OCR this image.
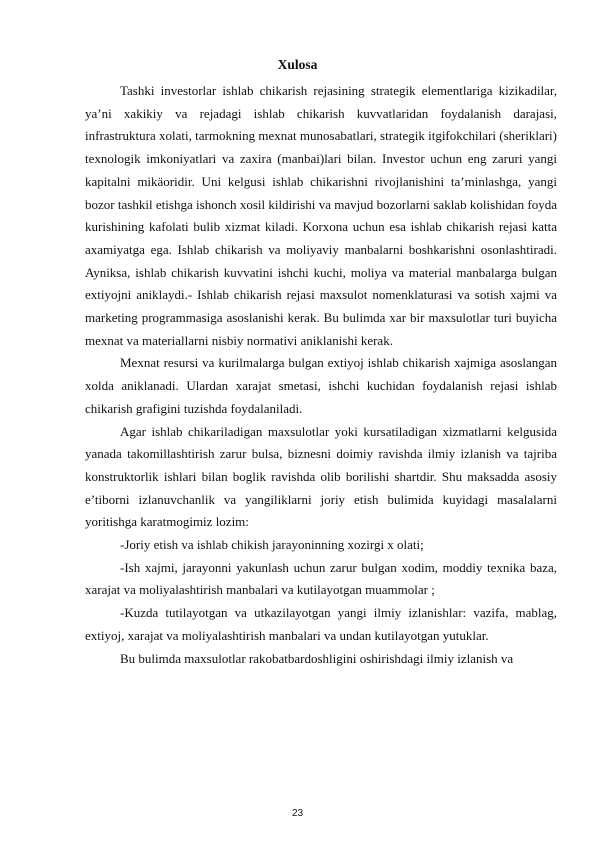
Xulosa

Tashki investorlar ishlab chikarish rejasining strategik elementlariga kizikadilar, ya’ni xakikiy va rejadagi ishlab chikarish kuvvatlaridan foydalanish darajasi, infrastruktura xolati, tarmokning mexnat munosabatlari, strategik itgifokchilari (sheriklari) texnologik imkoniyatlari va zaxira (manbai)lari bilan. Investor uchun eng zaruri yangi kapitalni mikäoridir. Uni kelgusi ishlab chikarishni rivojlanishini ta’minlashga, yangi bozor tashkil etishga ishonch xosil kildirishi va mavjud bozorlarni saklab kolishidan foyda kurishining kafolati bulib xizmat kiladi. Korxona uchun esa ishlab chikarish rejasi katta axamiyatga ega. Ishlab chikarish va moliyaviy manbalarni boshkarishni osonlashtiradi. Ayniksa, ishlab chikarish kuvvatini ishchi kuchi, moliya va material manbalarga bulgan extiyojni aniklaydi.- Ishlab chikarish rejasi maxsulot nomenklaturasi va sotish xajmi va marketing programmasiga asoslanishi kerak. Bu bulimda xar bir maxsulotlar turi buyicha mexnat va materiallarni nisbiy normativi aniklanishi kerak.

Mexnat resursi va kurilmalarga bulgan extiyoj ishlab chikarish xajmiga asoslangan xolda aniklanadi. Ulardan xarajat smetasi, ishchi kuchidan foydalanish rejasi ishlab chikarish grafigini tuzishda foydalaniladi.

Agar ishlab chikariladigan maxsulotlar yoki kursatiladigan xizmatlarni kelgusida yanada takomillashtirish zarur bulsa, biznesni doimiy ravishda ilmiy izlanish va tajriba konstruktorlik ishlari bilan boglik ravishda olib borilishi shartdir. Shu maksadda asosiy e’tiborni izlanuvchanlik va yangiliklarni joriy etish bulimida kuyidagi masalalarni yoritishga karatmogimiz lozim:

-Joriy etish va ishlab chikish jarayoninning xozirgi x olati;

-Ish xajmi, jarayonni yakunlash uchun zarur bulgan xodim, moddiy texnika baza, xarajat va moliyalashtirish manbalari va kutilayotgan muammolar ;

-Kuzda tutilayotgan va utkazilayotgan yangi ilmiy izlanishlar: vazifa, mablag, extiyoj, xarajat va moliyalashtirish manbalari va undan kutilayotgan yutuklar.

Bu bulimda maxsulotlar rakobatbardoshligini oshirishdagi ilmiy izlanish va

23
